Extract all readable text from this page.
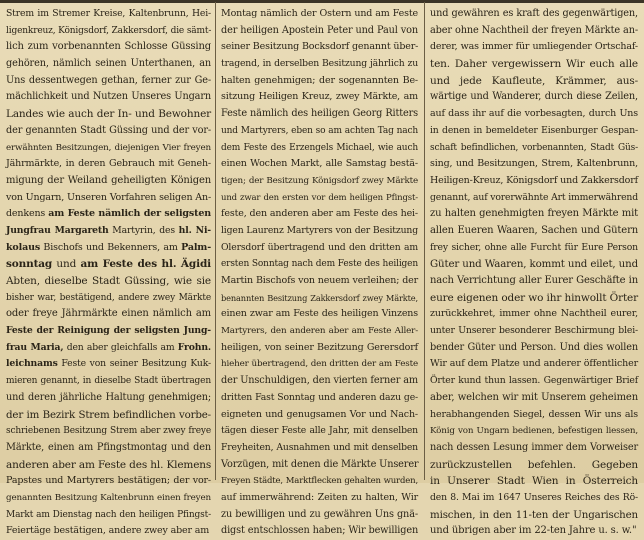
Strem im Stremer Kreise, Kaltenbrunn, Hei-
ligenkreuz, Königsdorf, Zakkersdorf, die sämt-
lich zum vorbenannten Schlosse Güssing
gehören, nämlich seinen Unterthanen, an
Uns dessentwegen gethan, ferner zur Ge-
mächlichkeit und Nutzen Unseres Ungarn
Landes wie auch der In- und Bewohner
der genannten Stadt Güssing und der vor-
erwähnten Besitzungen, diejenigen Vier freyen
Jährmärkte, in deren Gebrauch mit Geneh-
migung der Weiland geheiligten Königen
von Ungarn, Unseren Vorfahren seligen An-
denkens am Feste nämlich der seligsten
Jungfrau Margareth Martyrin, des hl. Ni-
kolaus Bischofs und Bekenners, am Palm-
sonntag und am Feste des hl. Ägidi
Abten, dieselbe Stadt Güssing, wie sie
bisher war, bestätigend, andere zwey Märkte
oder freye Jährmärkte einen nämlich am
Feste der Reinigung der seligsten Jung-
frau Maria, den aber gleichfalls am Frohn.
leichnams Feste von seiner Besitzung Kuk-
mieren genannt, in dieselbe Stadt übertragen
und deren jährliche Haltung genehmigen;
der im Bezirk Strem befindlichen vorbe-
schriebenen Besitzung Strem aber zwey freye
Märkte, einen am Pfingstmontag und den
anderen aber am Feste des hl. Klemens
Papstes und Martyrers bestätigen; der vor-
genannten Besitzung Kaltenbrunn einen freyen
Markt am Dienstag nach den heiligen Pfingst-
Feiertäge bestätigen, andere zwey aber am
Montag nämlich der Ostern und am Feste
der heiligen Apostein Peter und Paul von
seiner Besitzung Bocksdorf genannt über-
tragend, in derselben Besitzung jährlich zu
halten genehmigen; der sogenannten Be-
sitzung Heiligen Kreuz, zwey Märkte, am
Feste nämlich des heiligen Georg Ritters
und Martyrers, eben so am achten Tag nach
dem Feste des Erzengels Michael, wie auch
einen Wochen Markt, alle Samstag bestä-
tigen; der Besitzung Königsdorf zwey Märkte
und zwar den ersten vor dem heiligen Pfingst-
feste, den anderen aber am Feste des hei-
ligen Laurenz Martyrers von der Besitzung
Olersdorf übertragend und den dritten am
ersten Sonntag nach dem Feste des heiligen
Martin Bischofs von neuem verleihen; der
benannten Besitzung Zakkersdorf zwey Märkte,
einen zwar am Feste des heiligen Vinzens
Martyrers, den anderen aber am Feste Aller-
heiligen, von seiner Bezitzung Gerersdorf
hieher übertragend, den dritten der am Feste
der Unschuldigen, den vierten ferner am
dritten Fast Sonntag und anderen dazu ge-
eigneten und genugsamen Vor und Nach-
tägen dieser Feste alle Jahr, mit denselben
Freyheiten, Ausnahmen und mit denselben
Vorzügen, mit denen die Märkte Unserer
Freyen Städte, Marktflecken gehalten wurden,
auf immerwährend: Zeiten zu halten, Wir
zu bewilligen und zu gewähren Uns gnä-
digst entschlossen haben; Wir bewilligen
und gewähren es kraft des gegenwärtigen,
aber ohne Nachtheil der freyen Märkte an-
derer, was immer für umliegender Ortschaf-
ten. Daher vergewissern Wir euch alle
und jede Kaufleute, Krämmer, aus-
wärtige und Wanderer, durch diese Zeilen,
auf dass ihr auf die vorbesagten, durch Uns
in denen in bemeldeter Eisenburger Gespan-
schaft befindlichen, vorbenannten, Stadt Güs-
sing, und Besitzungen, Strem, Kaltenbrunn,
Heiligen-Kreuz, Königsdorf und Zakkersdorf
genannt, auf vorerwähnte Art immerwährend
zu halten genehmigten freyen Märkte mit
allen Eueren Waaren, Sachen und Gütern
frey sicher, ohne alle Furcht für Eure Person
Güter und Waaren, kommt und eilet, und
nach Verrichtung aller Eurer Geschäfte in
eure eigenen oder wo ihr hinwollt Örter
zurückkehret, immer ohne Nachtheil eurer,
unter Unserer besonderer Beschirmung blei-
bender Güter und Person. Und dies wollen
Wir auf dem Platze und anderer öffentlicher
Örter kund thun lassen. Gegenwärtiger Brief
aber, welchen wir mit Unserem geheimen
herabhangenden Siegel, dessen Wir uns als
König von Ungarn bedienen, befestigen liessen,
nach dessen Lesung immer dem Vorweiser
zurückzustellen befehlen. Gegeben
in Unserer Stadt Wien in Österreich
den 8. Mai im 1647 Unseres Reiches des Rö-
mischen, in den 11-ten der Ungarischen
und übrigen aber im 22-ten Jahre u. s. w."
